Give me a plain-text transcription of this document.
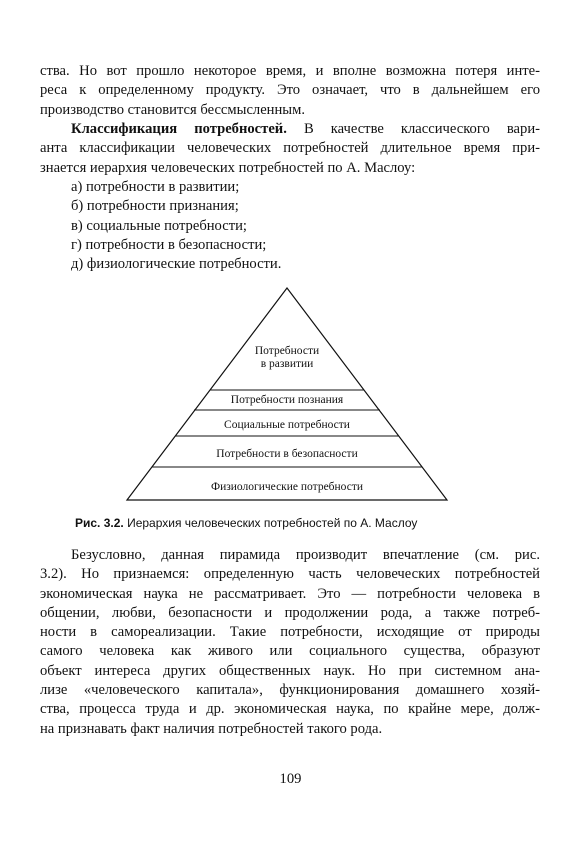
ства. Но вот прошло некоторое время, и вполне возможна потеря инте-
реса к определенному продукту. Это означает, что в дальнейшем его
производство становится бессмысленным.
Классификация потребностей. В качестве классического вари-
анта классификации человеческих потребностей длительное время при-
знается иерархия человеческих потребностей по А. Маслоу:
а) потребности в развитии;
б) потребности признания;
в) социальные потребности;
г) потребности в безопасности;
д) физиологические потребности.
Потребности
в развитии
Потребности познания
Социальные потребности
Потребности в безопасности
Физиологические потребности
Рис. 3.2. Иерархия человеческих потребностей по А. Маслоу
Безусловно, данная пирамида производит впечатление (см. рис.
3.2). Но признаемся: определенную часть человеческих потребностей
экономическая наука не рассматривает. Это — потребности человека в
общении, любви, безопасности и продолжении рода, а также потреб-
ности в самореализации. Такие потребности, исходящие от природы
самого человека как живого или социального существа, образуют
объект интереса других общественных наук. Но при системном ана-
лизе «человеческого капитала», функционирования домашнего хозяй-
ства, процесса труда и др. экономическая наука, по крайне мере, долж-
на признавать факт наличия потребностей такого рода.
109
